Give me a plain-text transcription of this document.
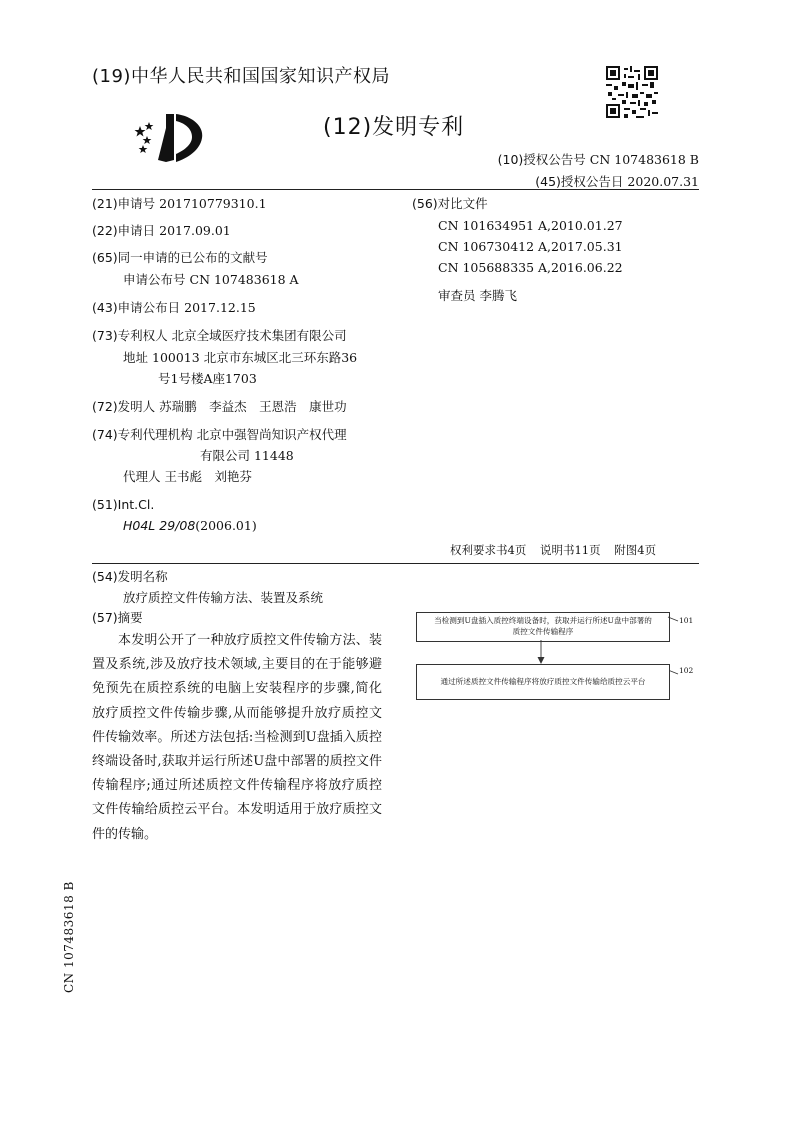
(19)中华人民共和国国家知识产权局
(12)发明专利
(10)授权公告号 CN 107483618 B
(45)授权公告日 2020.07.31
(21)申请号 201710779310.1
(22)申请日 2017.09.01
(65)同一申请的已公布的文献号
申请公布号 CN 107483618 A
(43)申请公布日 2017.12.15
(73)专利权人 北京全域医疗技术集团有限公司
地址 100013 北京市东城区北三环东路36
号1号楼A座1703
(72)发明人 苏瑞鹏　李益杰　王恩浩　康世功
(74)专利代理机构 北京中强智尚知识产权代理
有限公司 11448
代理人 王书彪　刘艳芬
(51)Int.Cl.
H04L 29/08(2006.01)
(56)对比文件
CN 101634951 A,2010.01.27
CN 106730412 A,2017.05.31
CN 105688335 A,2016.06.22
审查员 李腾飞
权利要求书4页 说明书11页 附图4页
(54)发明名称
放疗质控文件传输方法、装置及系统
(57)摘要
本发明公开了一种放疗质控文件传输方法、装置及系统,涉及放疗技术领域,主要目的在于能够避免预先在质控系统的电脑上安装程序的步骤,简化放疗质控文件传输步骤,从而能够提升放疗质控文件传输效率。所述方法包括:当检测到U盘插入质控终端设备时,获取并运行所述U盘中部署的质控文件传输程序;通过所述质控文件传输程序将放疗质控文件传输给质控云平台。本发明适用于放疗质控文件的传输。
当检测到U盘插入质控终端设备时，获取并运行所述U盘中部署的
质控文件传输程序
101
通过所述质控文件传输程序将放疗质控文件传输给质控云平台
102
CN 107483618 B
